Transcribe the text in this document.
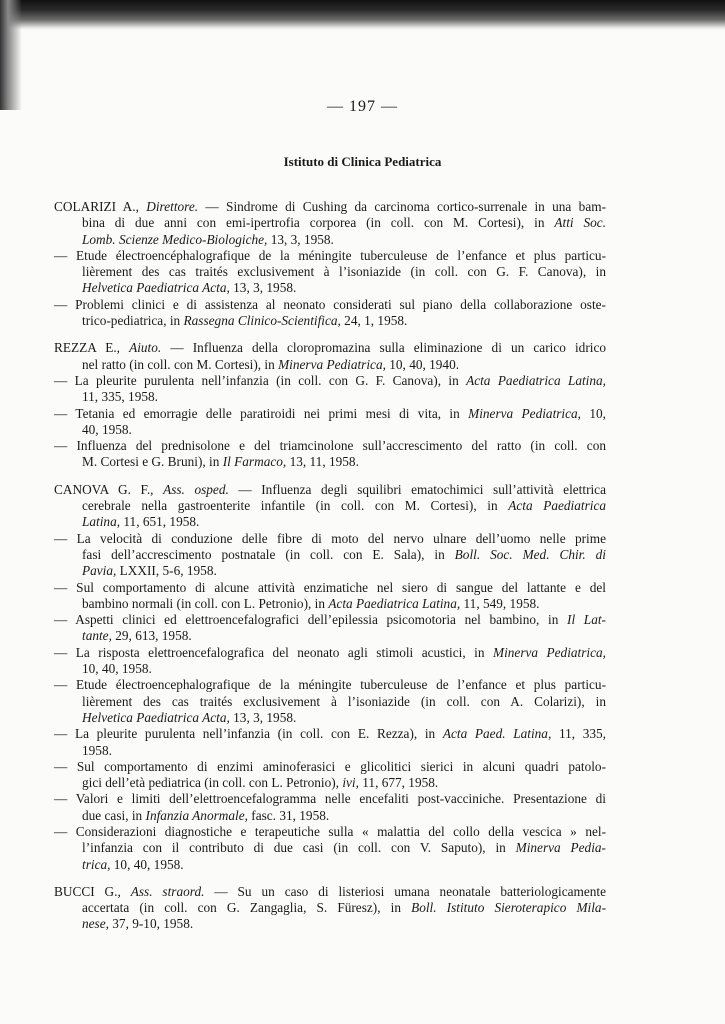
— 197 —
Istituto di Clinica Pediatrica
COLARIZI A., Direttore. — Sindrome di Cushing da carcinoma cortico-surrenale in una bam-
bina di due anni con emi-ipertrofia corporea (in coll. con M. Cortesi), in Atti Soc.
Lomb. Scienze Medico-Biologiche, 13, 3, 1958.
— Etude électroencéphalografique de la méningite tuberculeuse de l’enfance et plus particu-
lièrement des cas traités exclusivement à l’isoniazide (in coll. con G. F. Canova), in
Helvetica Paediatrica Acta, 13, 3, 1958.
— Problemi clinici e di assistenza al neonato considerati sul piano della collaborazione oste-
trico-pediatrica, in Rassegna Clinico-Scientifica, 24, 1, 1958.
REZZA E., Aiuto. — Influenza della cloropromazina sulla eliminazione di un carico idrico
nel ratto (in coll. con M. Cortesi), in Minerva Pediatrica, 10, 40, 1940.
— La pleurite purulenta nell’infanzia (in coll. con G. F. Canova), in Acta Paediatrica Latina,
11, 335, 1958.
— Tetania ed emorragie delle paratiroidi nei primi mesi di vita, in Minerva Pediatrica, 10,
40, 1958.
— Influenza del prednisolone e del triamcinolone sull’accrescimento del ratto (in coll. con
M. Cortesi e G. Bruni), in Il Farmaco, 13, 11, 1958.
CANOVA G. F., Ass. osped. — Influenza degli squilibri ematochimici sull’attività elettrica
cerebrale nella gastroenterite infantile (in coll. con M. Cortesi), in Acta Paediatrica
Latina, 11, 651, 1958.
— La velocità di conduzione delle fibre di moto del nervo ulnare dell’uomo nelle prime
fasi dell’accrescimento postnatale (in coll. con E. Sala), in Boll. Soc. Med. Chir. di
Pavia, LXXII, 5-6, 1958.
— Sul comportamento di alcune attività enzimatiche nel siero di sangue del lattante e del
bambino normali (in coll. con L. Petronio), in Acta Paediatrica Latina, 11, 549, 1958.
— Aspetti clinici ed elettroencefalografici dell’epilessia psicomotoria nel bambino, in Il Lat-
tante, 29, 613, 1958.
— La risposta elettroencefalografica del neonato agli stimoli acustici, in Minerva Pediatrica,
10, 40, 1958.
— Etude électroencephalografique de la méningite tuberculeuse de l’enfance et plus particu-
lièrement des cas traités exclusivement à l’isoniazide (in coll. con A. Colarizi), in
Helvetica Paediatrica Acta, 13, 3, 1958.
— La pleurite purulenta nell’infanzia (in coll. con E. Rezza), in Acta Paed. Latina, 11, 335,
1958.
— Sul comportamento di enzimi aminoferasici e glicolitici sierici in alcuni quadri patolo-
gici dell’età pediatrica (in coll. con L. Petronio), ivi, 11, 677, 1958.
— Valori e limiti dell’elettroencefalogramma nelle encefaliti post-vacciniche. Presentazione di
due casi, in Infanzia Anormale, fasc. 31, 1958.
— Considerazioni diagnostiche e terapeutiche sulla « malattia del collo della vescica » nel-
l’infanzia con il contributo di due casi (in coll. con V. Saputo), in Minerva Pedia-
trica, 10, 40, 1958.
BUCCI G., Ass. straord. — Su un caso di listeriosi umana neonatale batteriologicamente
accertata (in coll. con G. Zangaglia, S. Füresz), in Boll. Istituto Sieroterapico Mila-
nese, 37, 9-10, 1958.
